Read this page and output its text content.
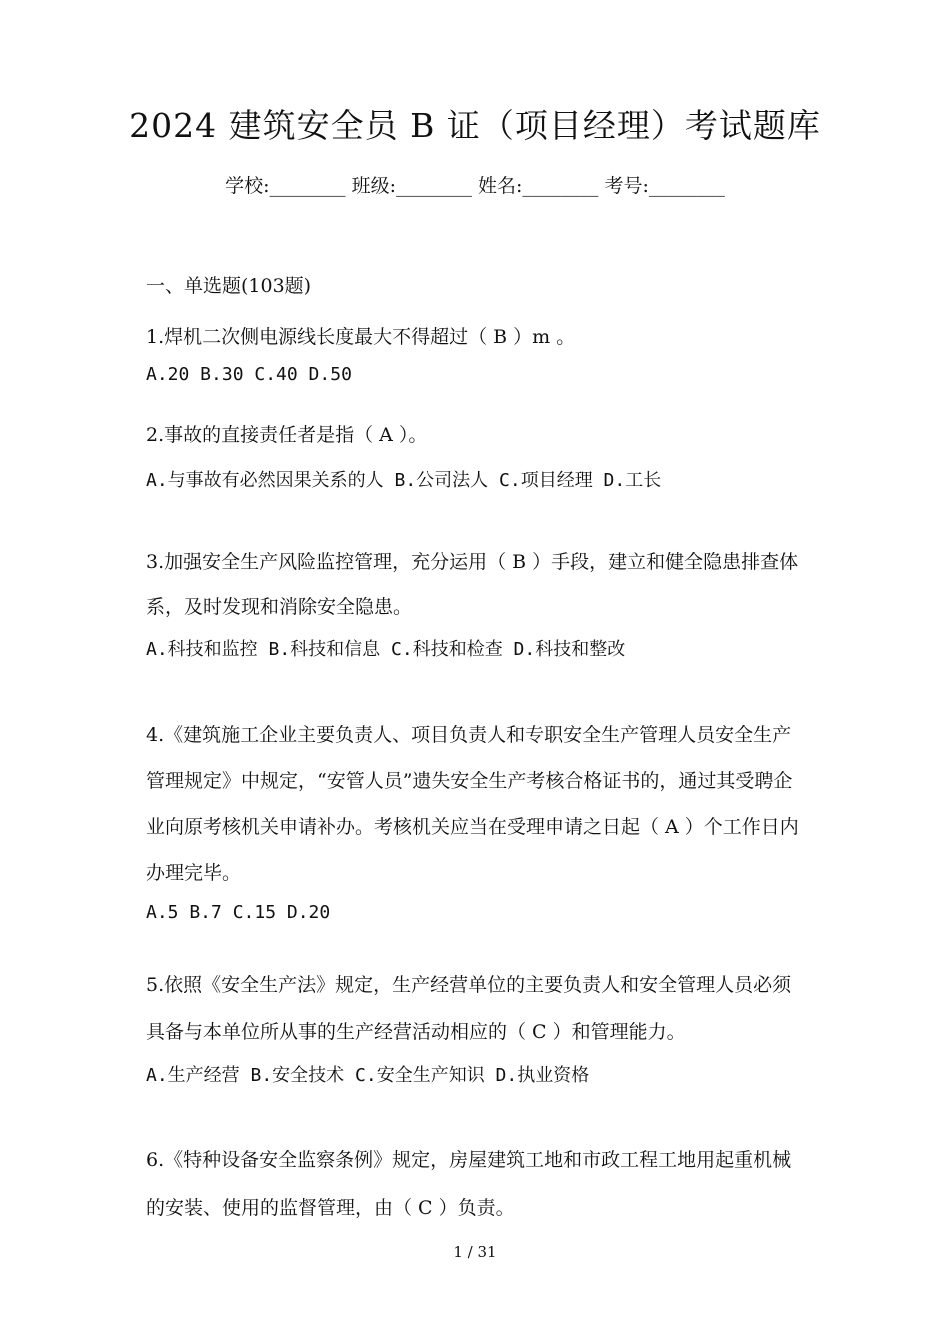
2024 建筑安全员 B 证（项目经理）考试题库
学校:________ 班级:________ 姓名:________ 考号:________
一、单选题(103题)
1.焊机二次侧电源线长度最大不得超过（ B ）m 。
A.20 B.30 C.40 D.50
2.事故的直接责任者是指（ A ）。
A.与事故有必然因果关系的人 B.公司法人 C.项目经理 D.工长
3.加强安全生产风险监控管理，充分运用（ B ）手段，建立和健全隐患排查体系，及时发现和消除安全隐患。
A.科技和监控 B.科技和信息 C.科技和检查 D.科技和整改
4.《建筑施工企业主要负责人、项目负责人和专职安全生产管理人员安全生产管理规定》中规定，“安管人员”遗失安全生产考核合格证书的，通过其受聘企业向原考核机关申请补办。考核机关应当在受理申请之日起（ A ）个工作日内办理完毕。
A.5 B.7 C.15 D.20
5.依照《安全生产法》规定，生产经营单位的主要负责人和安全管理人员必须具备与本单位所从事的生产经营活动相应的（ C ）和管理能力。
A.生产经营 B.安全技术 C.安全生产知识 D.执业资格
6.《特种设备安全监察条例》规定，房屋建筑工地和市政工程工地用起重机械的安装、使用的监督管理，由（ C ）负责。
1 / 31
